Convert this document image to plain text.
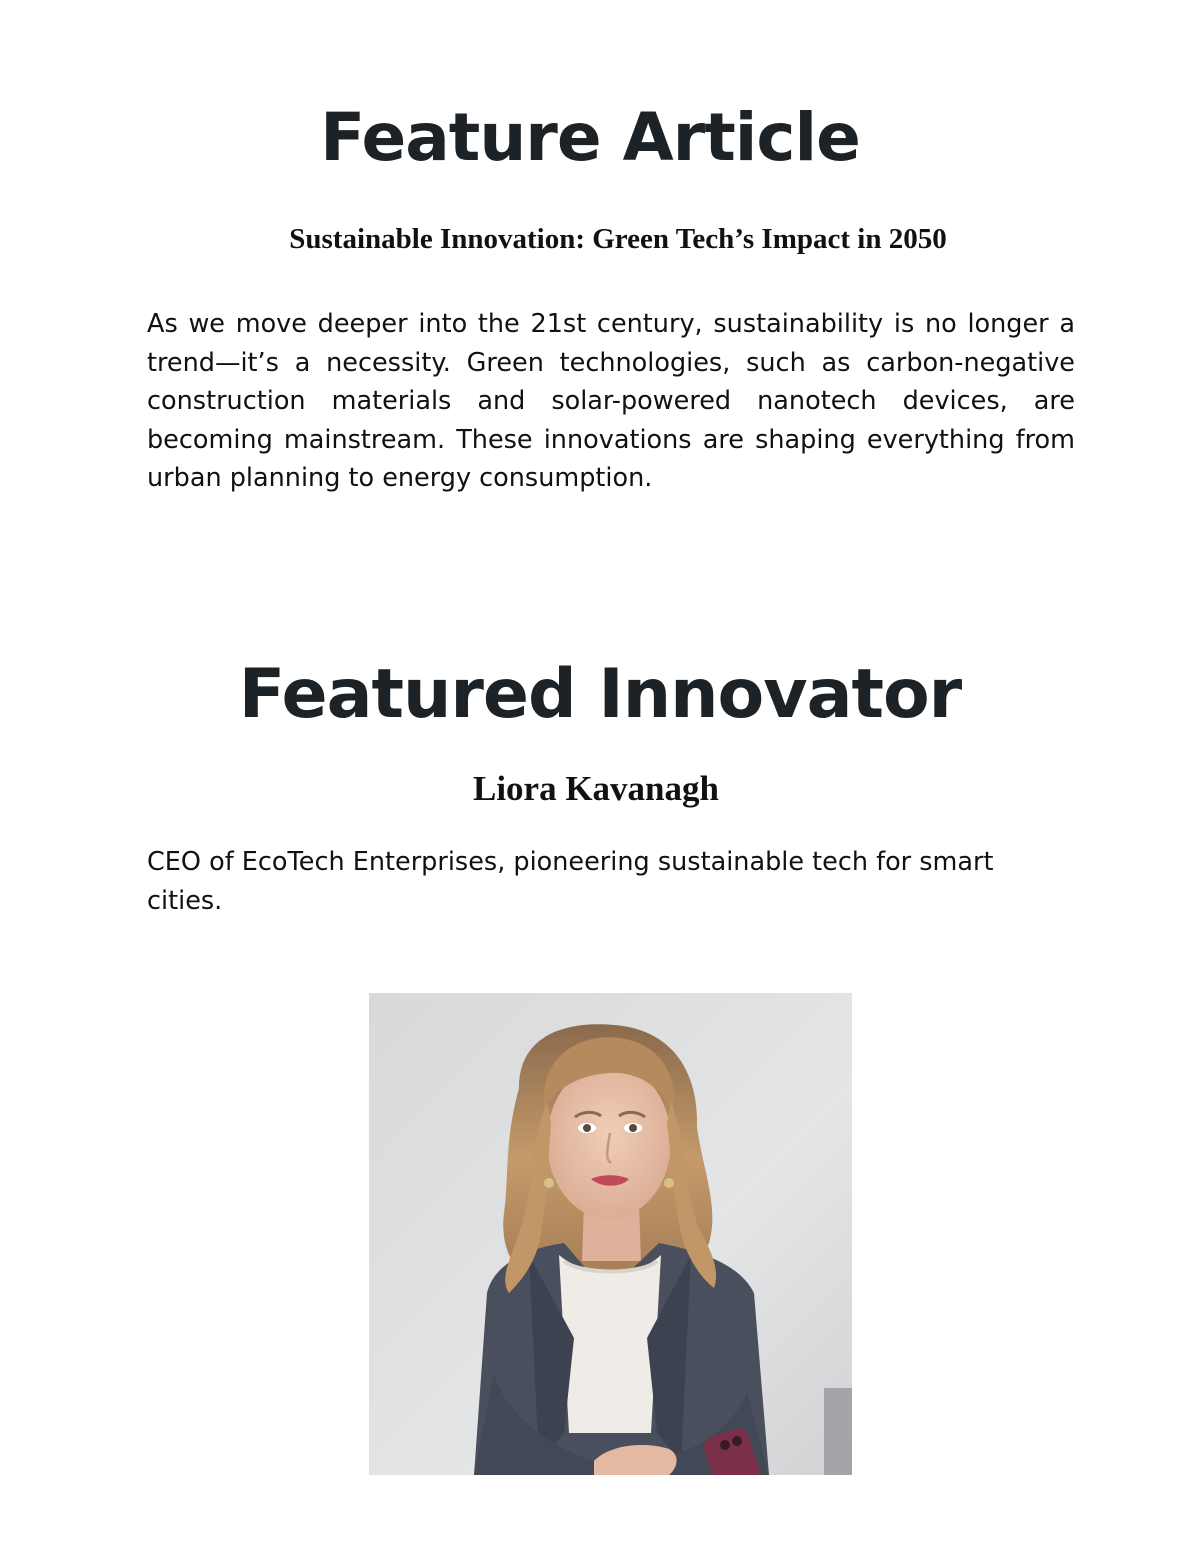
Feature Article
Sustainable Innovation: Green Tech’s Impact in 2050

As we move deeper into the 21st century, sustainability is no longer a trend—it’s a necessity. Green technologies, such as carbon-negative construction materials and solar-powered nanotech devices, are becoming mainstream. These innovations are shaping everything from urban planning to energy consumption.

Featured Innovator
Liora Kavanagh

CEO of EcoTech Enterprises, pioneering sustainable tech for smart cities.
